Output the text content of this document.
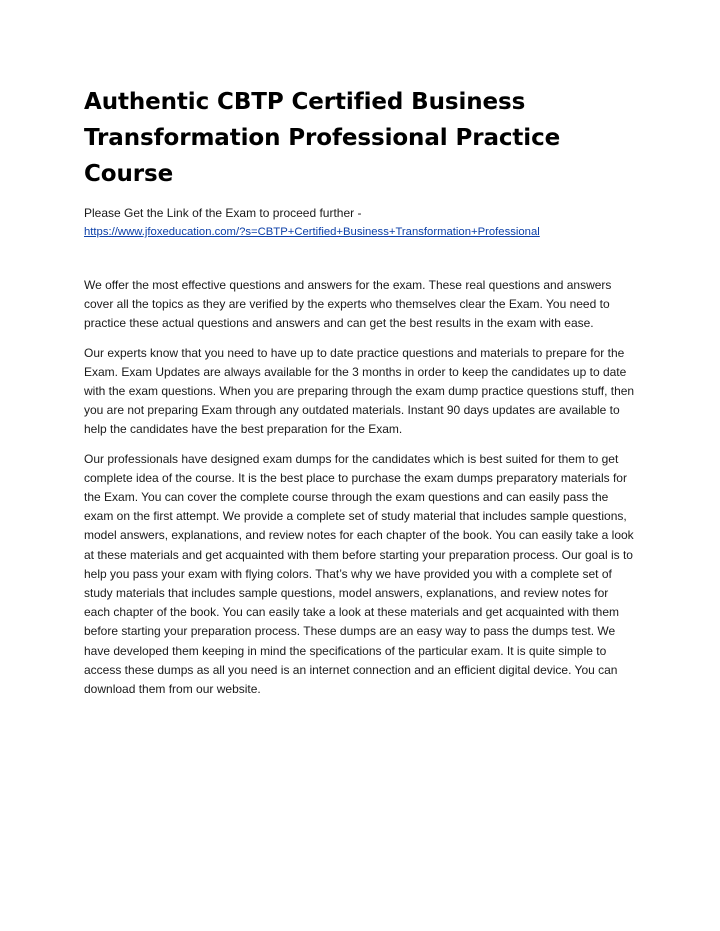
Authentic CBTP Certified Business Transformation Professional Practice Course

Please Get the Link of the Exam to proceed further -
https://www.jfoxeducation.com/?s=CBTP+Certified+Business+Transformation+Professional

We offer the most effective questions and answers for the exam. These real questions and answers cover all the topics as they are verified by the experts who themselves clear the Exam. You need to practice these actual questions and answers and can get the best results in the exam with ease.

Our experts know that you need to have up to date practice questions and materials to prepare for the Exam. Exam Updates are always available for the 3 months in order to keep the candidates up to date with the exam questions. When you are preparing through the exam dump practice questions stuff, then you are not preparing Exam through any outdated materials. Instant 90 days updates are available to help the candidates have the best preparation for the Exam.

Our professionals have designed exam dumps for the candidates which is best suited for them to get complete idea of the course. It is the best place to purchase the exam dumps preparatory materials for the Exam. You can cover the complete course through the exam questions and can easily pass the exam on the first attempt. We provide a complete set of study material that includes sample questions, model answers, explanations, and review notes for each chapter of the book. You can easily take a look at these materials and get acquainted with them before starting your preparation process. Our goal is to help you pass your exam with flying colors. That’s why we have provided you with a complete set of study materials that includes sample questions, model answers, explanations, and review notes for each chapter of the book. You can easily take a look at these materials and get acquainted with them before starting your preparation process. These dumps are an easy way to pass the dumps test. We have developed them keeping in mind the specifications of the particular exam. It is quite simple to access these dumps as all you need is an internet connection and an efficient digital device. You can download them from our website.
